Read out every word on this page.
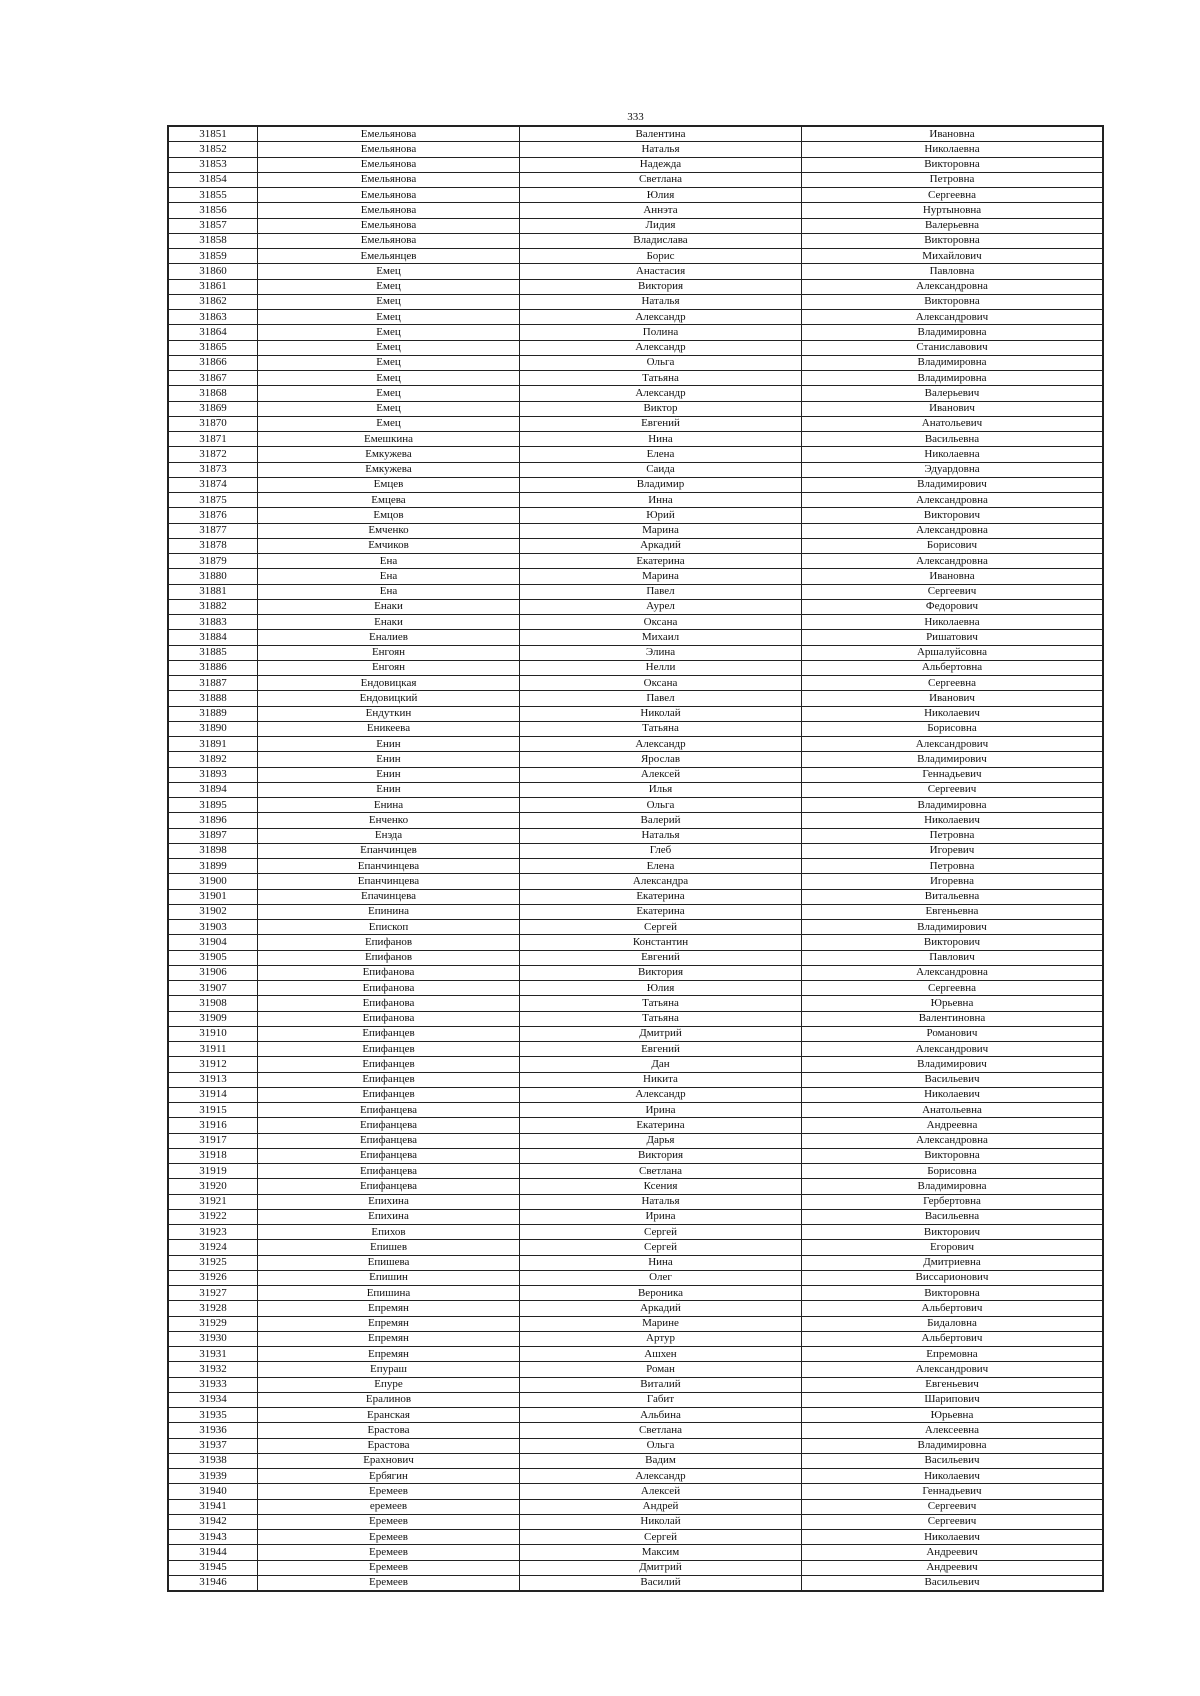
333
31851	Емельянова	Валентина	Ивановна
31852	Емельянова	Наталья	Николаевна
31853	Емельянова	Надежда	Викторовна
31854	Емельянова	Светлана	Петровна
31855	Емельянова	Юлия	Сергеевна
31856	Емельянова	Аннэта	Нуртыновна
31857	Емельянова	Лидия	Валерьевна
31858	Емельянова	Владислава	Викторовна
31859	Емельянцев	Борис	Михайлович
31860	Емец	Анастасия	Павловна
31861	Емец	Виктория	Александровна
31862	Емец	Наталья	Викторовна
31863	Емец	Александр	Александрович
31864	Емец	Полина	Владимировна
31865	Емец	Александр	Станиславович
31866	Емец	Ольга	Владимировна
31867	Емец	Татьяна	Владимировна
31868	Емец	Александр	Валерьевич
31869	Емец	Виктор	Иванович
31870	Емец	Евгений	Анатольевич
31871	Емешкина	Нина	Васильевна
31872	Емкужева	Елена	Николаевна
31873	Емкужева	Саида	Эдуардовна
31874	Емцев	Владимир	Владимирович
31875	Емцева	Инна	Александровна
31876	Емцов	Юрий	Викторович
31877	Емченко	Марина	Александровна
31878	Емчиков	Аркадий	Борисович
31879	Ена	Екатерина	Александровна
31880	Ена	Марина	Ивановна
31881	Ена	Павел	Сергеевич
31882	Енаки	Аурел	Федорович
31883	Енаки	Оксана	Николаевна
31884	Еналиев	Михаил	Ришатович
31885	Енгоян	Элина	Аршалуйсовна
31886	Енгоян	Нелли	Альбертовна
31887	Ендовицкая	Оксана	Сергеевна
31888	Ендовицкий	Павел	Иванович
31889	Ендуткин	Николай	Николаевич
31890	Еникеева	Татьяна	Борисовна
31891	Енин	Александр	Александрович
31892	Енин	Ярослав	Владимирович
31893	Енин	Алексей	Геннадьевич
31894	Енин	Илья	Сергеевич
31895	Енина	Ольга	Владимировна
31896	Енченко	Валерий	Николаевич
31897	Енэда	Наталья	Петровна
31898	Епанчинцев	Глеб	Игоревич
31899	Епанчинцева	Елена	Петровна
31900	Епанчинцева	Александра	Игоревна
31901	Епачинцева	Екатерина	Витальевна
31902	Епинина	Екатерина	Евгеньевна
31903	Епископ	Сергей	Владимирович
31904	Епифанов	Константин	Викторович
31905	Епифанов	Евгений	Павлович
31906	Епифанова	Виктория	Александровна
31907	Епифанова	Юлия	Сергеевна
31908	Епифанова	Татьяна	Юрьевна
31909	Епифанова	Татьяна	Валентиновна
31910	Епифанцев	Дмитрий	Романович
31911	Епифанцев	Евгений	Александрович
31912	Епифанцев	Дан	Владимирович
31913	Епифанцев	Никита	Васильевич
31914	Епифанцев	Александр	Николаевич
31915	Епифанцева	Ирина	Анатольевна
31916	Епифанцева	Екатерина	Андреевна
31917	Епифанцева	Дарья	Александровна
31918	Епифанцева	Виктория	Викторовна
31919	Епифанцева	Светлана	Борисовна
31920	Епифанцева	Ксения	Владимировна
31921	Епихина	Наталья	Гербертовна
31922	Епихина	Ирина	Васильевна
31923	Епихов	Сергей	Викторович
31924	Епишев	Сергей	Егорович
31925	Епишева	Нина	Дмитриевна
31926	Епишин	Олег	Виссарионович
31927	Епишина	Вероника	Викторовна
31928	Епремян	Аркадий	Альбертович
31929	Епремян	Марине	Бидаловна
31930	Епремян	Артур	Альбертович
31931	Епремян	Ашхен	Епремовна
31932	Епураш	Роман	Александрович
31933	Епуре	Виталий	Евгеньевич
31934	Ералинов	Габит	Шарипович
31935	Еранская	Альбина	Юрьевна
31936	Ерастова	Светлана	Алексеевна
31937	Ерастова	Ольга	Владимировна
31938	Ерахнович	Вадим	Васильевич
31939	Ербягин	Александр	Николаевич
31940	Еремеев	Алексей	Геннадьевич
31941	еремеев	Андрей	Сергеевич
31942	Еремеев	Николай	Сергеевич
31943	Еремеев	Сергей	Николаевич
31944	Еремеев	Максим	Андреевич
31945	Еремеев	Дмитрий	Андреевич
31946	Еремеев	Василий	Васильевич
